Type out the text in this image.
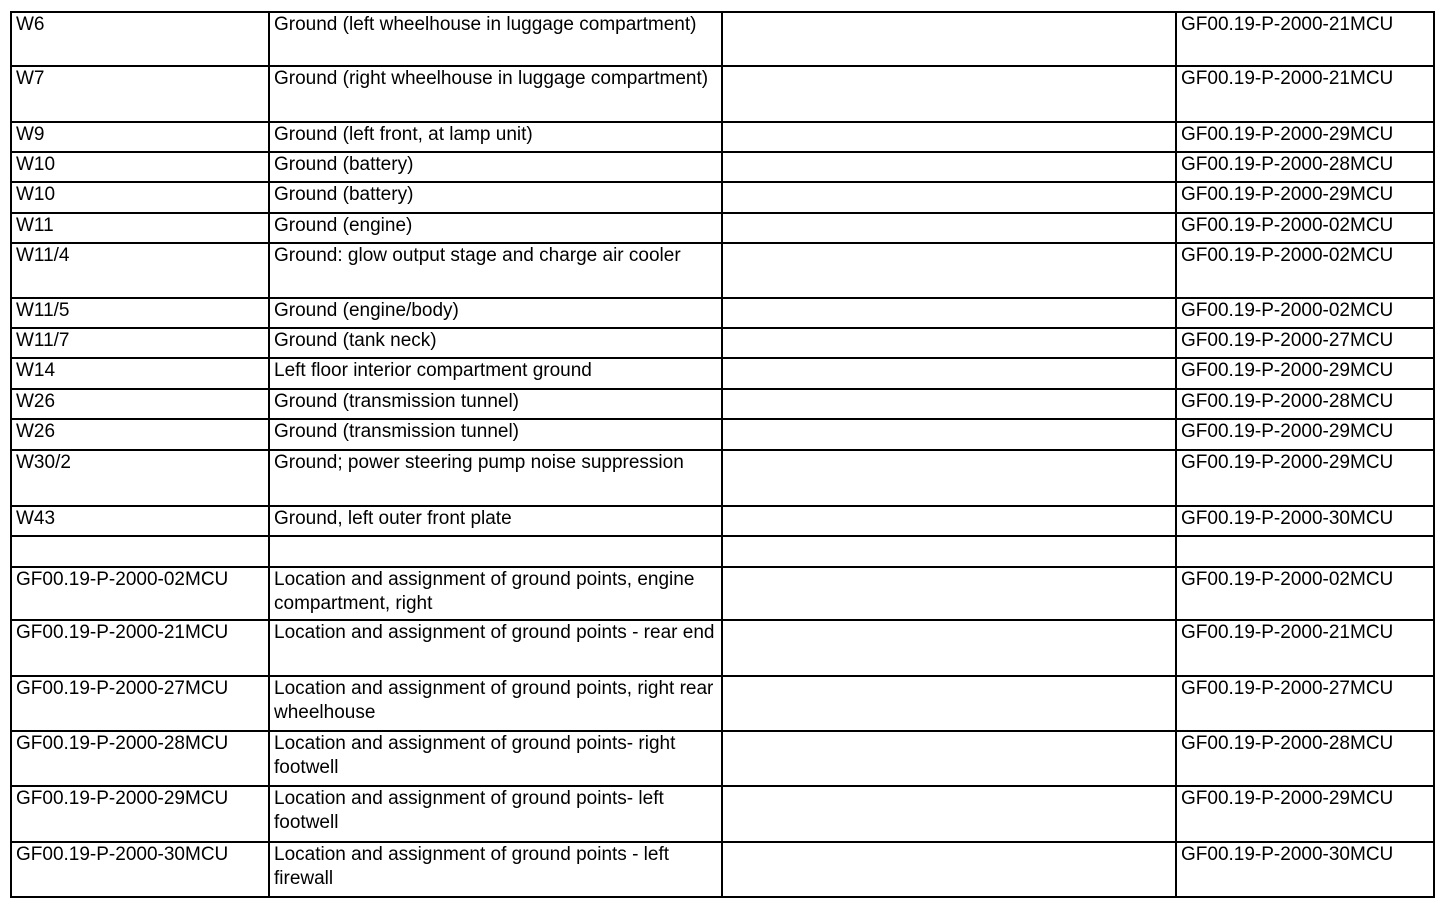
W6	Ground (left wheelhouse in luggage compartment)		GF00.19-P-2000-21MCU
W7	Ground (right wheelhouse in luggage compartment)		GF00.19-P-2000-21MCU
W9	Ground (left front, at lamp unit)		GF00.19-P-2000-29MCU
W10	Ground (battery)		GF00.19-P-2000-28MCU
W10	Ground (battery)		GF00.19-P-2000-29MCU
W11	Ground (engine)		GF00.19-P-2000-02MCU
W11/4	Ground: glow output stage and charge air cooler		GF00.19-P-2000-02MCU
W11/5	Ground (engine/body)		GF00.19-P-2000-02MCU
W11/7	Ground (tank neck)		GF00.19-P-2000-27MCU
W14	Left floor interior compartment ground		GF00.19-P-2000-29MCU
W26	Ground (transmission tunnel)		GF00.19-P-2000-28MCU
W26	Ground (transmission tunnel)		GF00.19-P-2000-29MCU
W30/2	Ground; power steering pump noise suppression		GF00.19-P-2000-29MCU
W43	Ground, left outer front plate		GF00.19-P-2000-30MCU

GF00.19-P-2000-02MCU	Location and assignment of ground points, engine compartment, right		GF00.19-P-2000-02MCU
GF00.19-P-2000-21MCU	Location and assignment of ground points - rear end		GF00.19-P-2000-21MCU
GF00.19-P-2000-27MCU	Location and assignment of ground points, right rear wheelhouse		GF00.19-P-2000-27MCU
GF00.19-P-2000-28MCU	Location and assignment of ground points- right footwell		GF00.19-P-2000-28MCU
GF00.19-P-2000-29MCU	Location and assignment of ground points- left footwell		GF00.19-P-2000-29MCU
GF00.19-P-2000-30MCU	Location and assignment of ground points - left firewall		GF00.19-P-2000-30MCU
